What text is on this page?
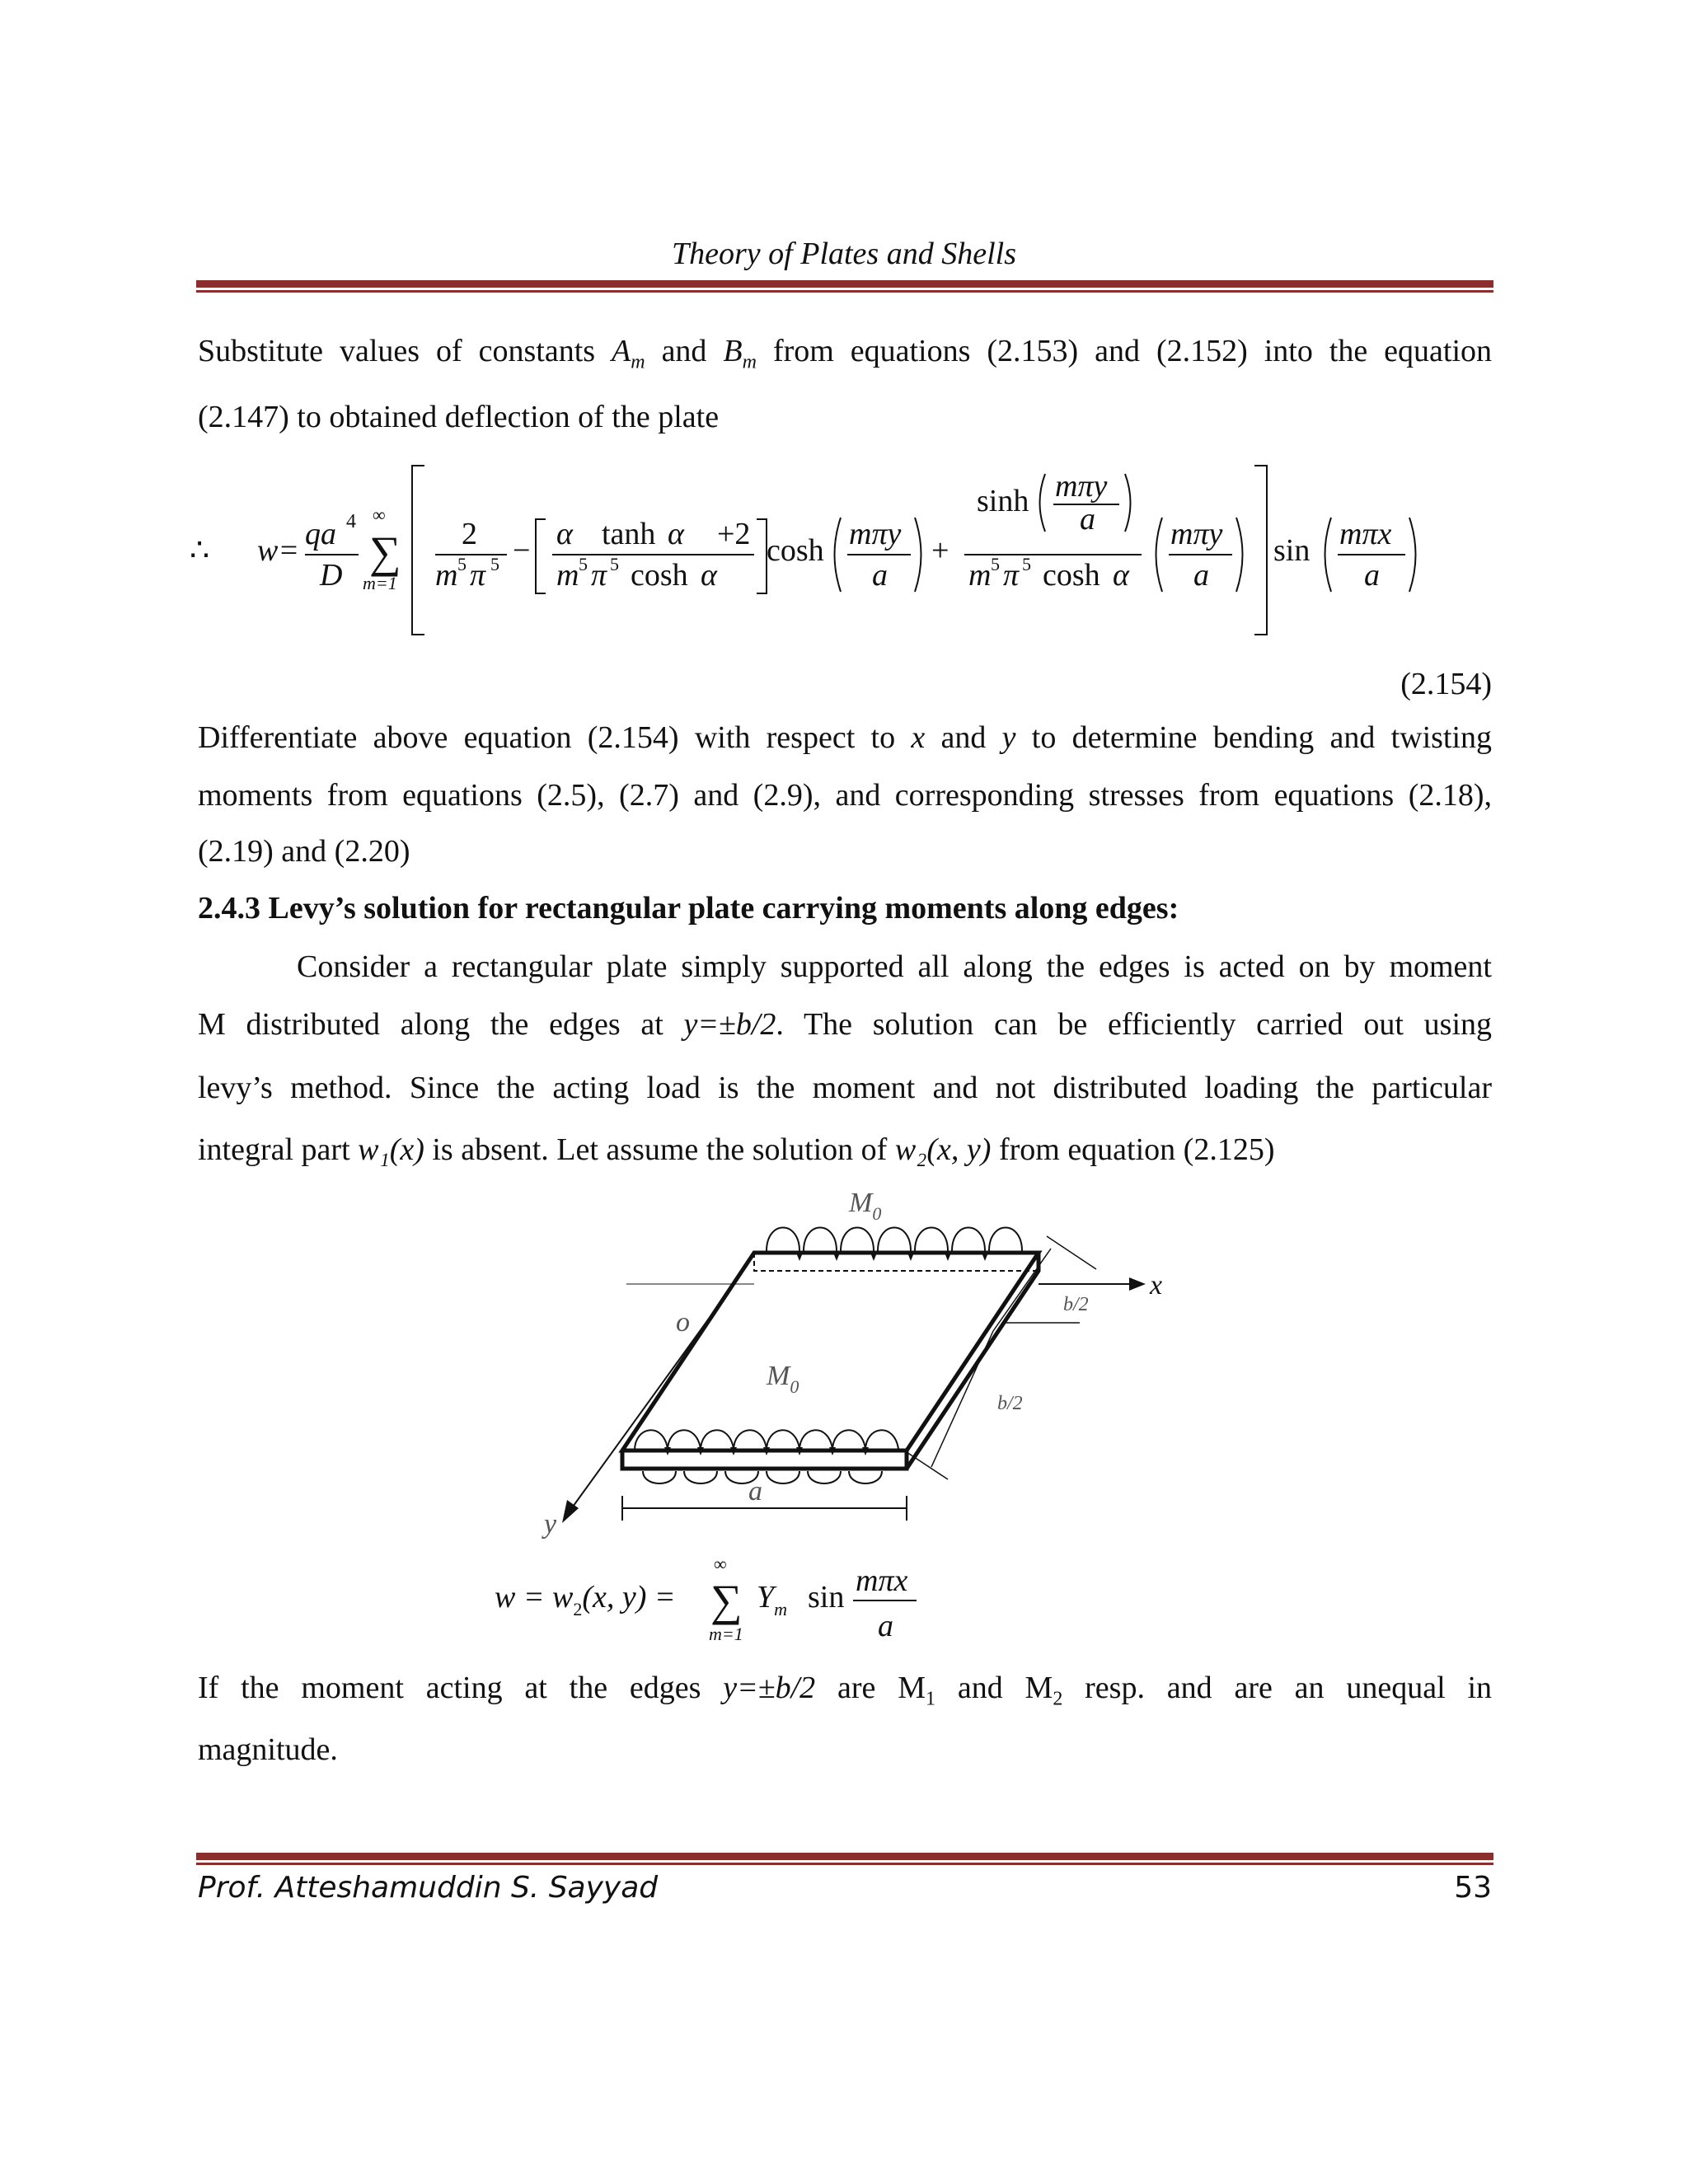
Theory of Plates and Shells
Substitute values of constants $A_m$ and $B_m$ from equations (2.153) and (2.152) into the equation
(2.147) to obtained deflection of the plate
∴ w= qa 4
D ∑
∞
m=1
2
m 5 π 5 − α tanh α +2
m 5 π 5 cosh α
cosh mπy
a
+
sinh mπy
a
m 5 π 5 cosh α
mπy
a
sin mπx
a
(2.154)
Differentiate above equation (2.154) with respect to x and y to determine bending and twisting
moments from equations (2.5), (2.7) and (2.9), and corresponding stresses from equations (2.18),
(2.19) and (2.20)
2.4.3 Levy’s solution for rectangular plate carrying moments along edges:
Consider a rectangular plate simply supported all along the edges is acted on by moment
M distributed along the edges at y=±b/2. The solution can be efficiently carried out using
levy’s method. Since the acting load is the moment and not distributed loading the particular
integral part w₁(x) is absent. Let assume the solution of w₂(x, y) from equation (2.125)
$M_0$
$M_0$
o
x
y
a
b/2
b/2
$w = w_2(x$, y) = ∑
∞
m=1
$Y_m$ sin mπx
a
If the moment acting at the edges y=±b/2 are $M_1$ and $M_2$ resp. and are an unequal in
magnitude.
Prof. Atteshamuddin S. Sayyad	53
